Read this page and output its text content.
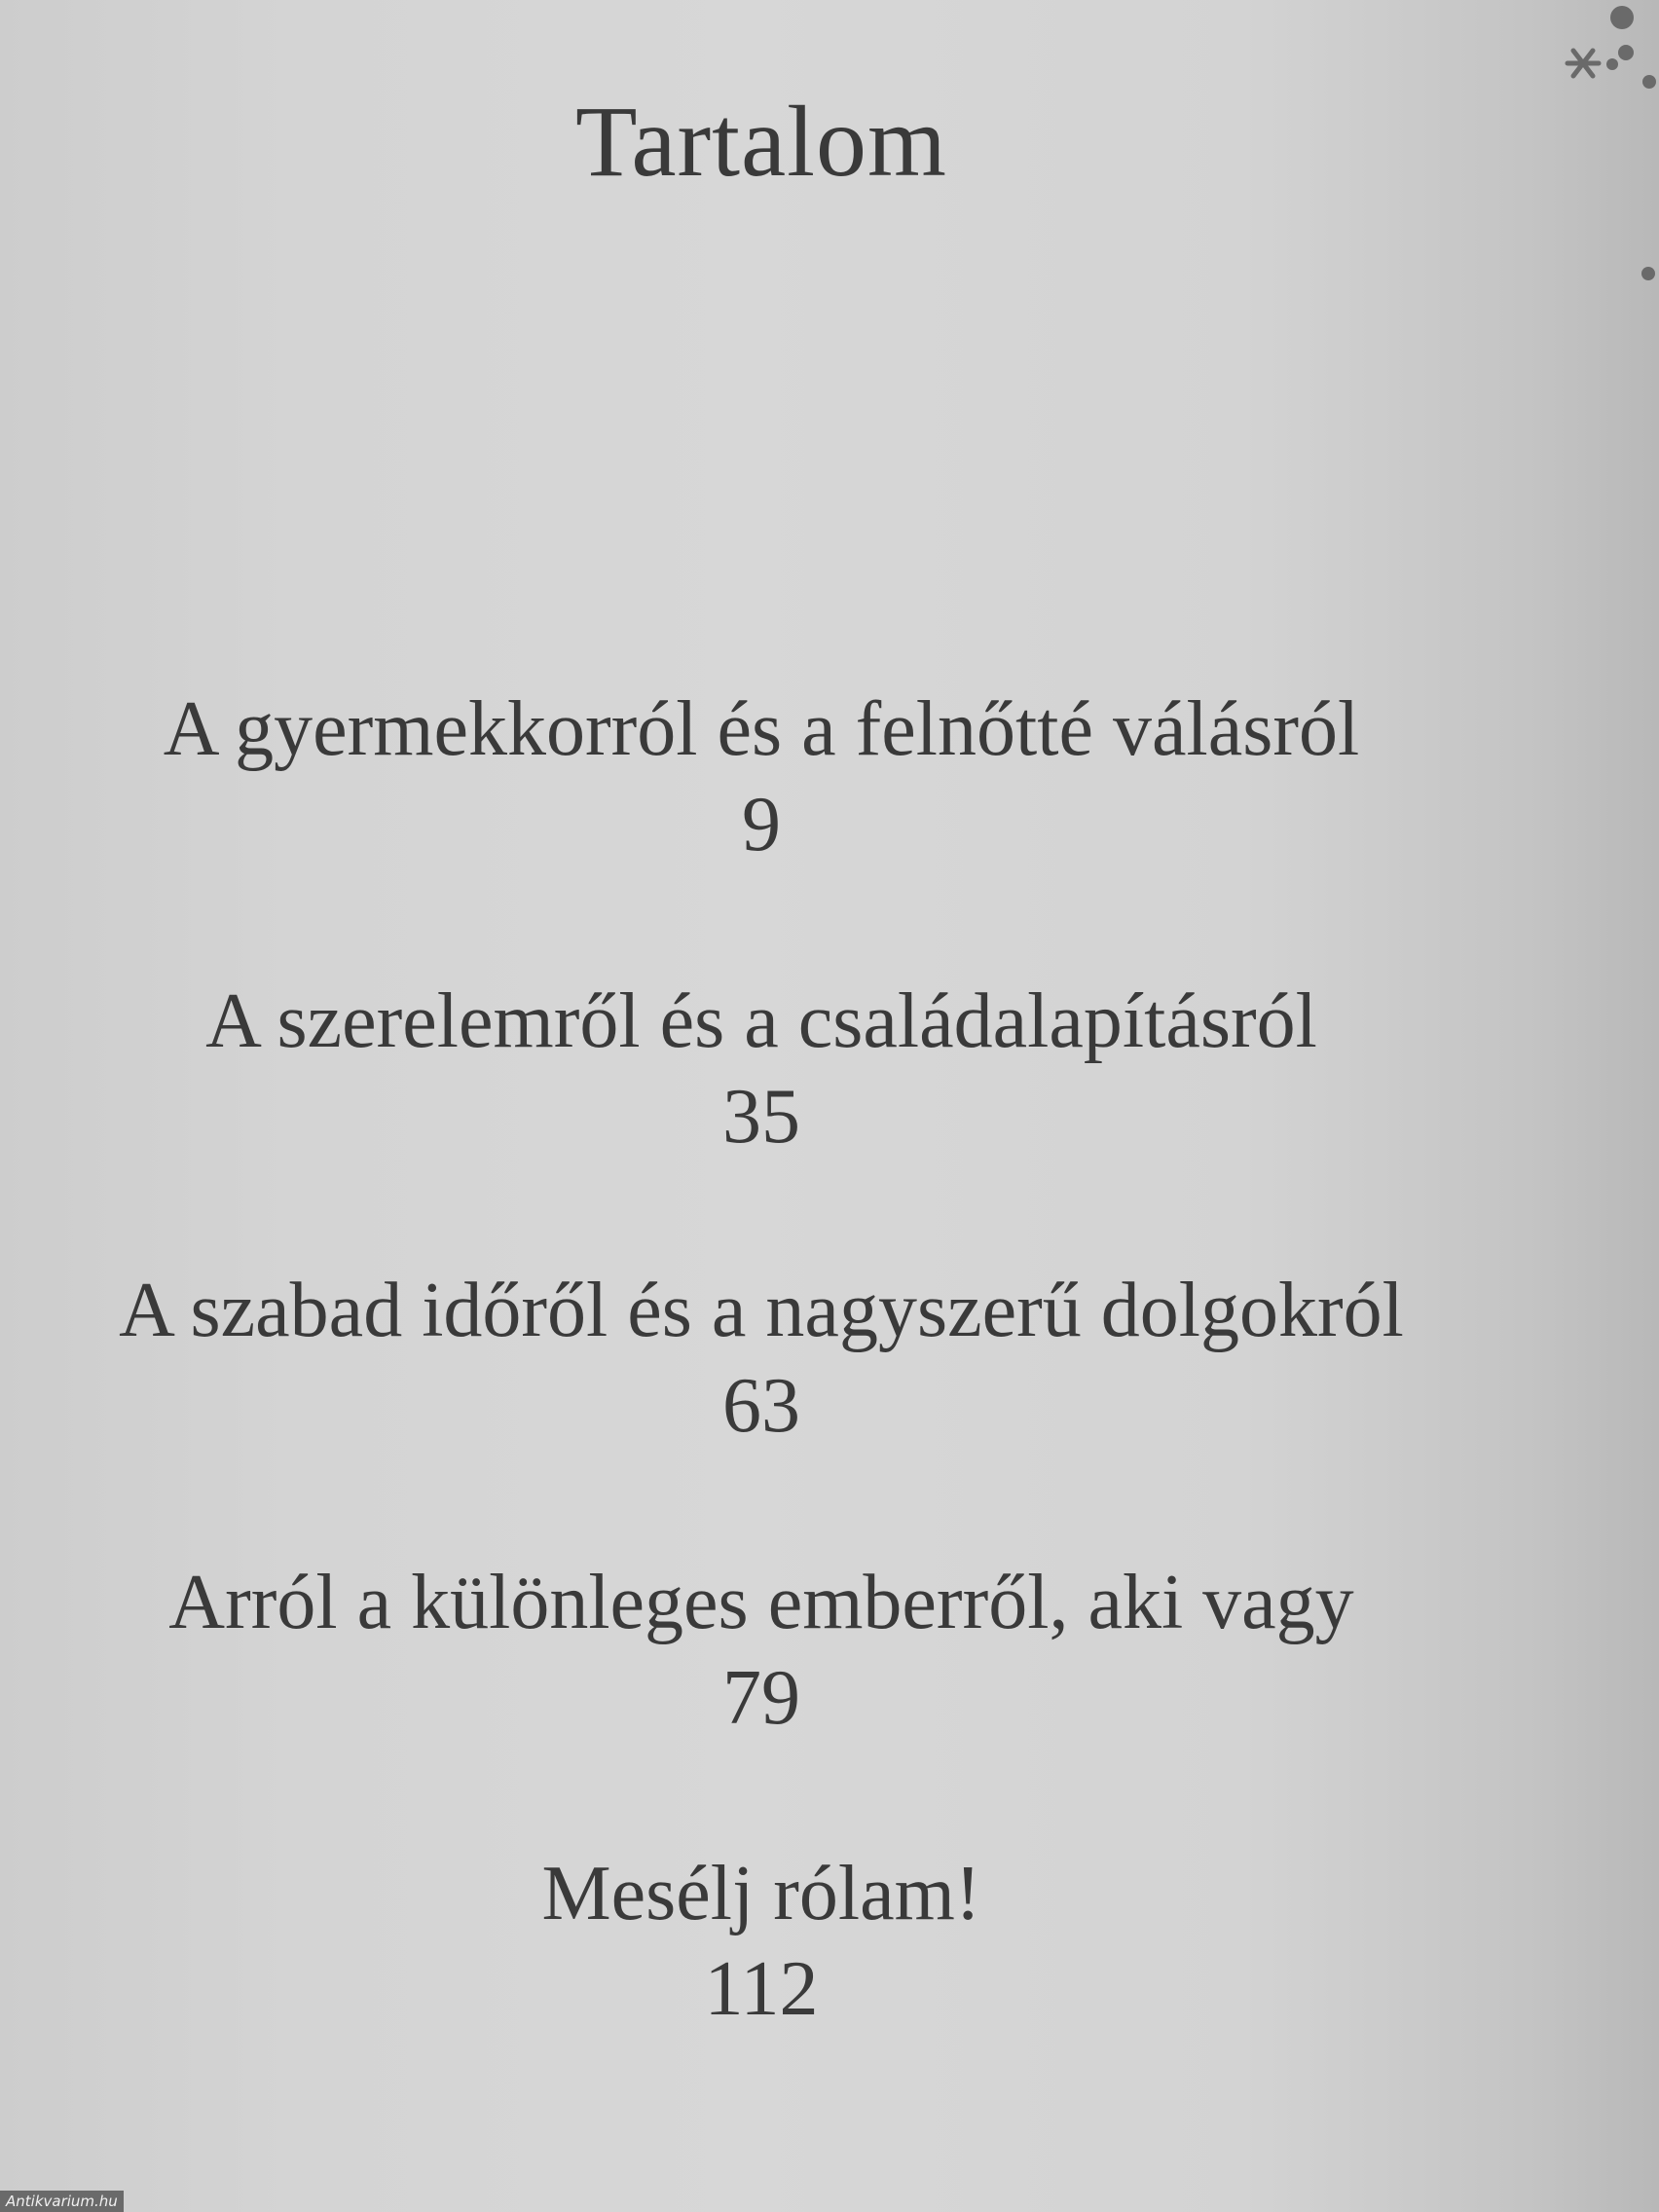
Tartalom
A gyermekkorról és a felnőtté válásról
9
A szerelemről és a családalapításról
35
A szabad időről és a nagyszerű dolgokról
63
Arról a különleges emberről, aki vagy
79
Mesélj rólam!
112
Antikvarium.hu
